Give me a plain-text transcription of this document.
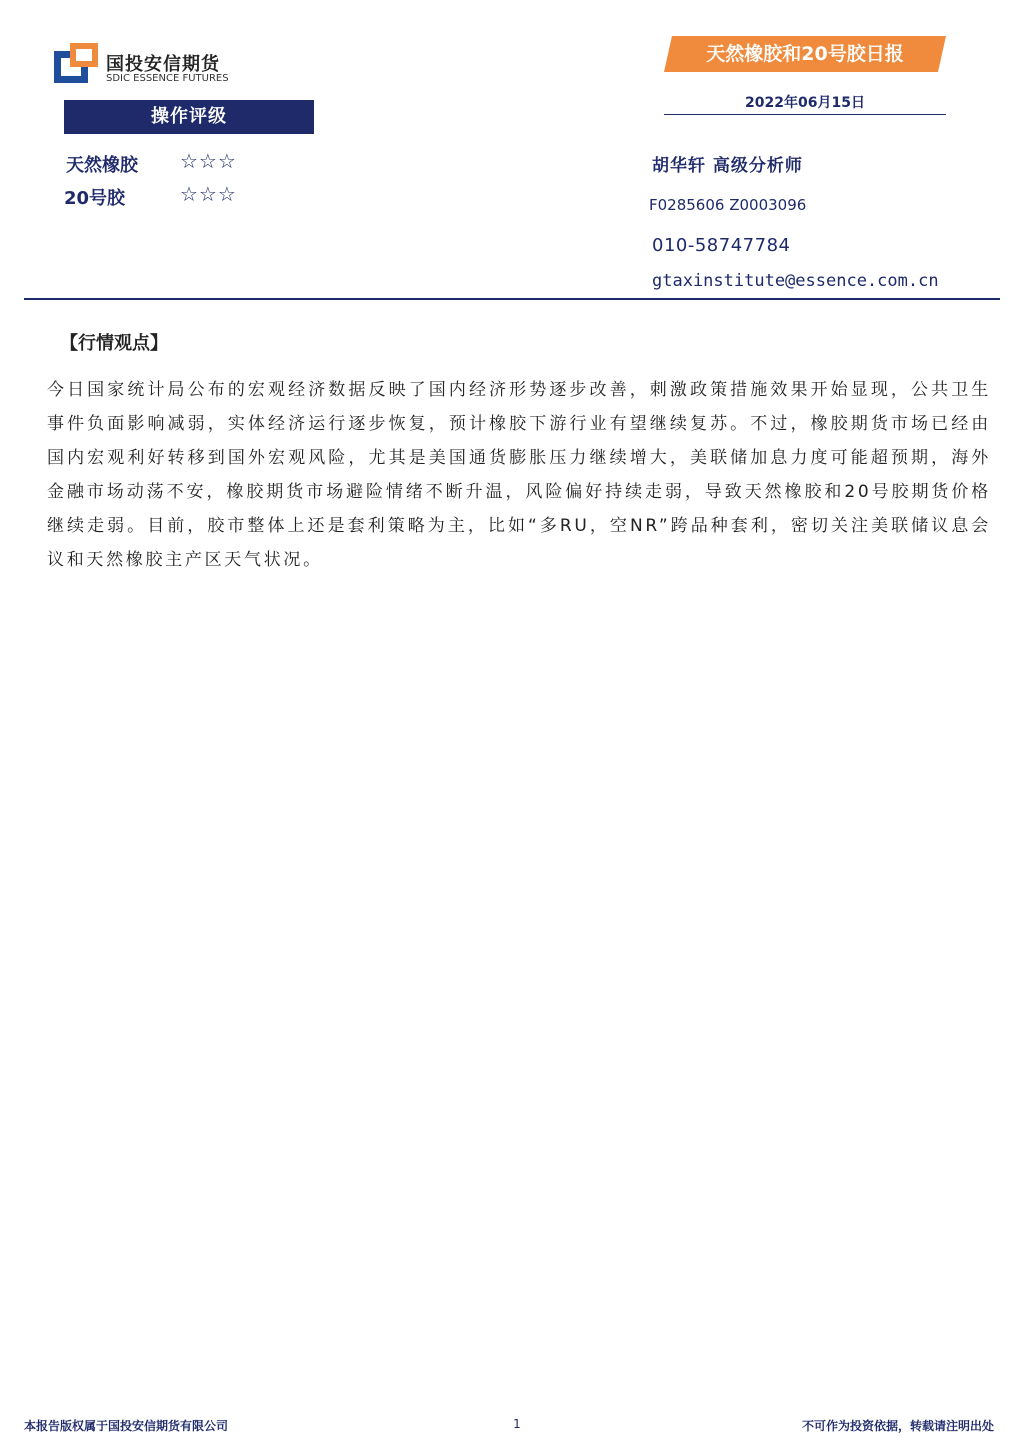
国投安信期货
SDIC ESSENCE FUTURES
天然橡胶和20号胶日报
2022年06月15日
操作评级
天然橡胶 ☆☆☆
20号胶	☆☆☆
胡华轩 高级分析师
F0285606 Z0003096
010-58747784
gtaxinstitute@essence.com.cn
【行情观点】
今日国家统计局公布的宏观经济数据反映了国内经济形势逐步改善，刺激政策措施效果开始显现，公共卫生事件负面影响减弱，实体经济运行逐步恢复，预计橡胶下游行业有望继续复苏。不过，橡胶期货市场已经由国内宏观利好转移到国外宏观风险，尤其是美国通货膨胀压力继续增大，美联储加息力度可能超预期，海外金融市场动荡不安，橡胶期货市场避险情绪不断升温，风险偏好持续走弱，导致天然橡胶和20号胶期货价格继续走弱。目前，胶市整体上还是套利策略为主，比如“多RU，空NR”跨品种套利，密切关注美联储议息会议和天然橡胶主产区天气状况。
本报告版权属于国投安信期货有限公司	1	不可作为投资依据，转载请注明出处
